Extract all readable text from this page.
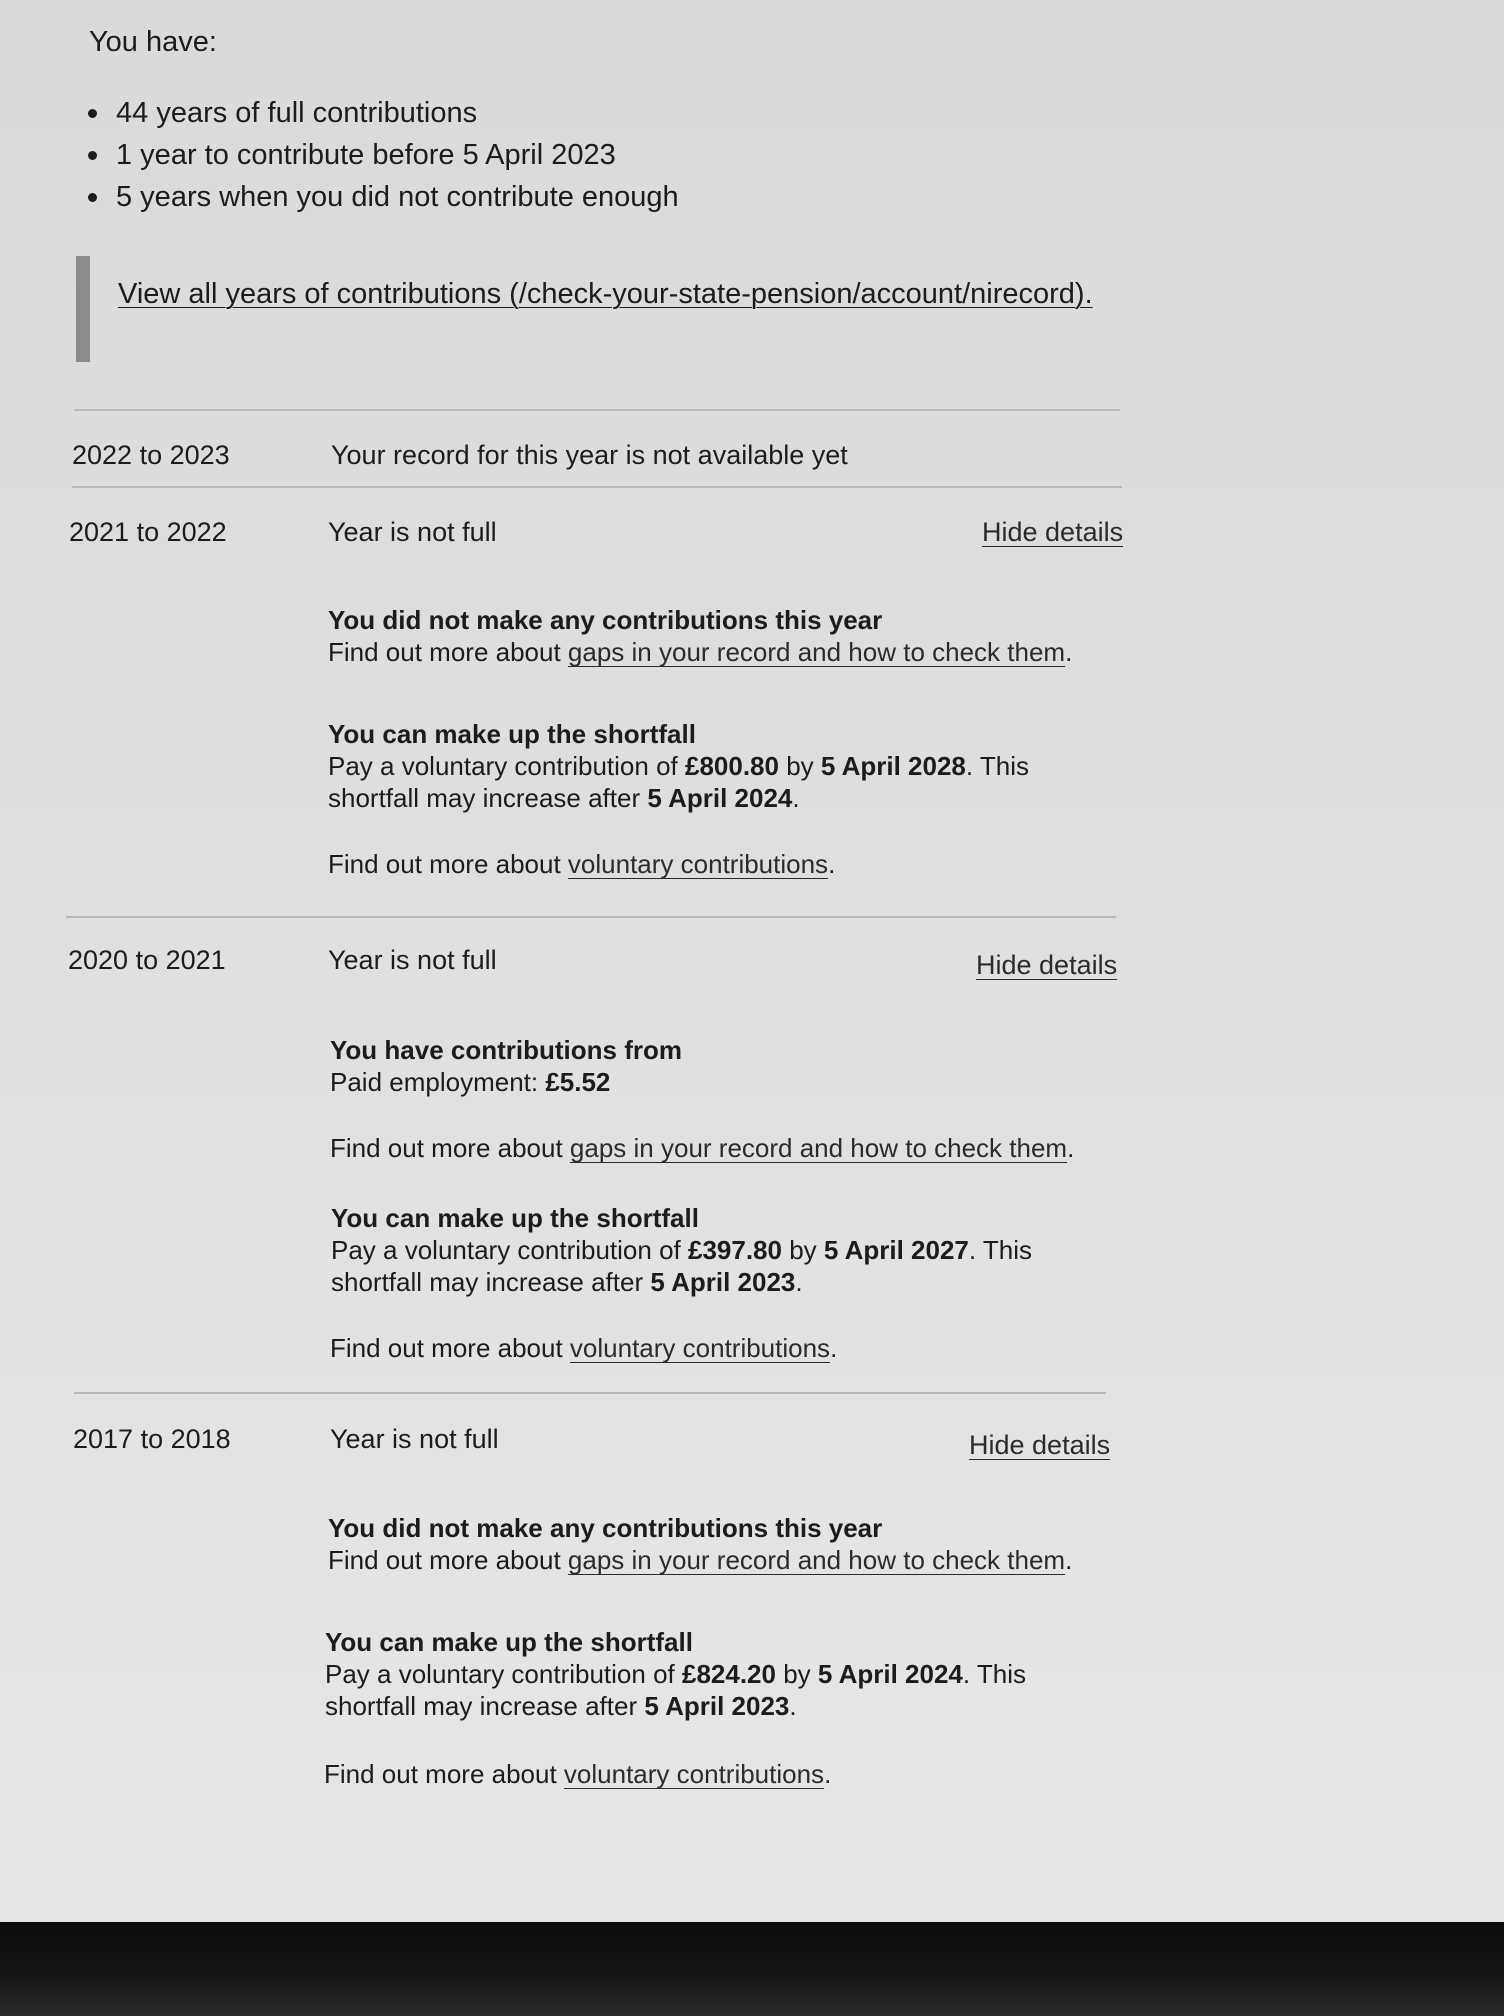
You have:
44 years of full contributions
1 year to contribute before 5 April 2023
5 years when you did not contribute enough
View all years of contributions (/check-your-state-pension/account/nirecord).
2022 to 2023	Your record for this year is not available yet
2021 to 2022	Year is not full	Hide details
You did not make any contributions this year
Find out more about gaps in your record and how to check them.
You can make up the shortfall
Pay a voluntary contribution of £800.80 by 5 April 2028. This
shortfall may increase after 5 April 2024.
Find out more about voluntary contributions.
2020 to 2021	Year is not full	Hide details
You have contributions from
Paid employment: £5.52
Find out more about gaps in your record and how to check them.
You can make up the shortfall
Pay a voluntary contribution of £397.80 by 5 April 2027. This
shortfall may increase after 5 April 2023.
Find out more about voluntary contributions.
2017 to 2018	Year is not full	Hide details
You did not make any contributions this year
Find out more about gaps in your record and how to check them.
You can make up the shortfall
Pay a voluntary contribution of £824.20 by 5 April 2024. This
shortfall may increase after 5 April 2023.
Find out more about voluntary contributions.
